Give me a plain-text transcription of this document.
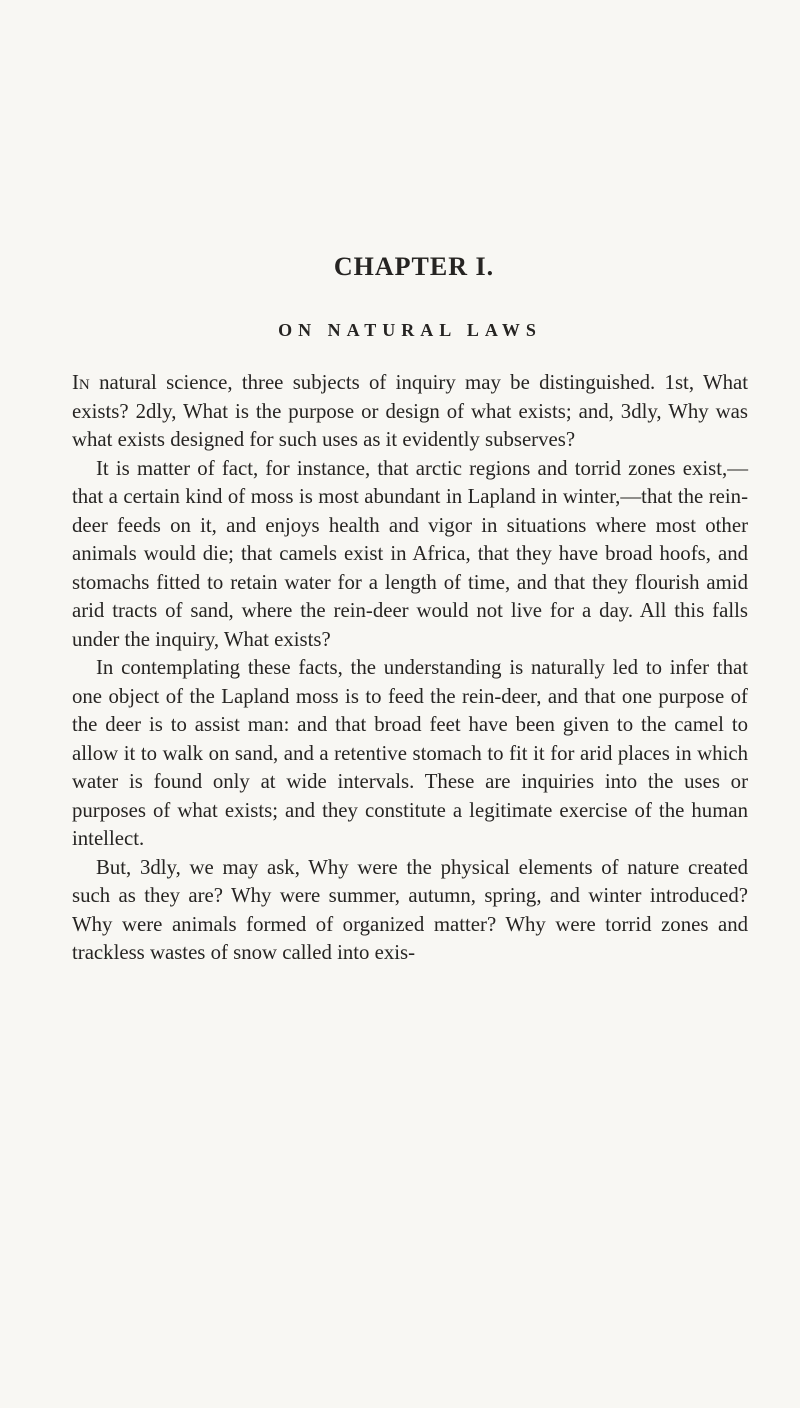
CHAPTER I.
ON NATURAL LAWS

In natural science, three subjects of inquiry may be distinguished. 1st, What exists? 2dly, What is the purpose or design of what exists; and, 3dly, Why was what exists designed for such uses as it evidently subserves?

It is matter of fact, for instance, that arctic regions and torrid zones exist,—that a certain kind of moss is most abundant in Lapland in winter,—that the rein-deer feeds on it, and enjoys health and vigor in situations where most other animals would die; that camels exist in Africa, that they have broad hoofs, and stomachs fitted to retain water for a length of time, and that they flourish amid arid tracts of sand, where the rein-deer would not live for a day. All this falls under the inquiry, What exists?

In contemplating these facts, the understanding is naturally led to infer that one object of the Lapland moss is to feed the rein-deer, and that one purpose of the deer is to assist man: and that broad feet have been given to the camel to allow it to walk on sand, and a retentive stomach to fit it for arid places in which water is found only at wide intervals. These are inquiries into the uses or purposes of what exists; and they constitute a legitimate exercise of the human intellect.

But, 3dly, we may ask, Why were the physical elements of nature created such as they are? Why were summer, autumn, spring, and winter introduced? Why were animals formed of organized matter? Why were torrid zones and trackless wastes of snow called into exis-
